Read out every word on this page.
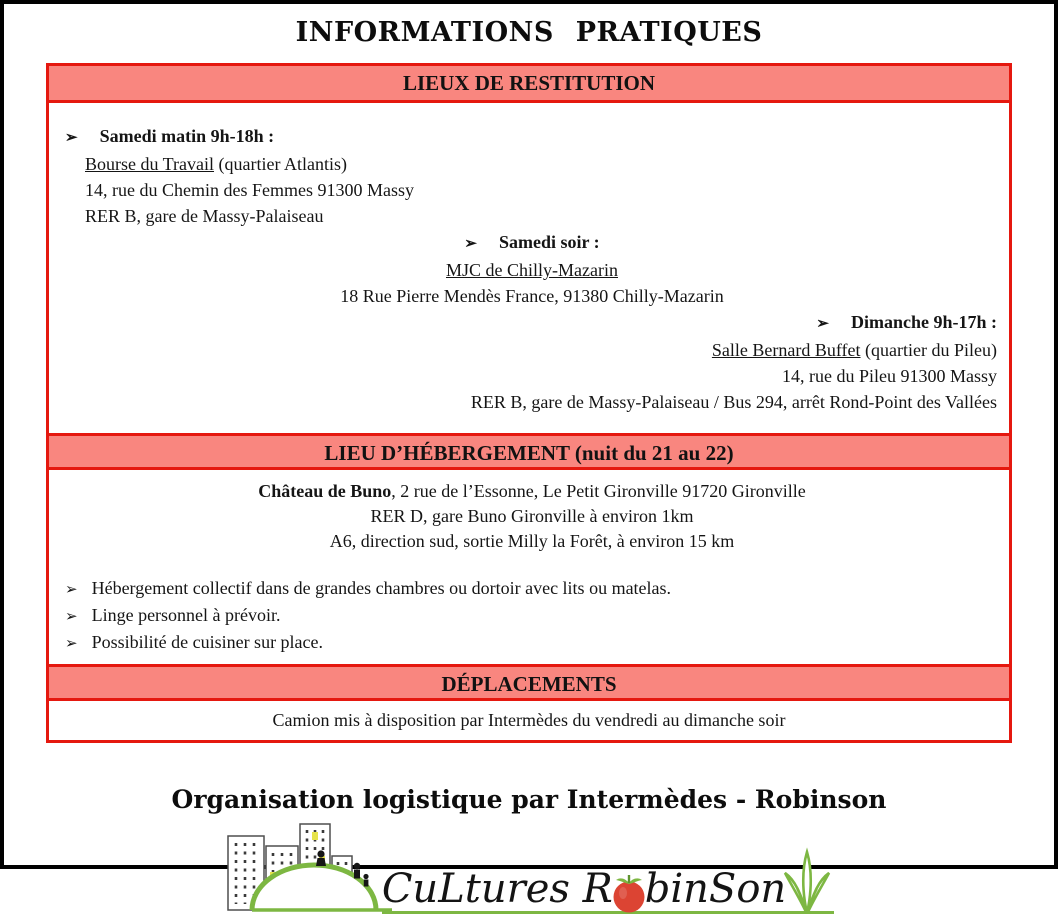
INFORMATIONS PRATIQUES
LIEUX DE RESTITUTION
➢ Samedi matin 9h-18h :
Bourse du Travail (quartier Atlantis)
14, rue du Chemin des Femmes 91300 Massy
RER B, gare de Massy-Palaiseau
➢ Samedi soir :
MJC de Chilly-Mazarin
18 Rue Pierre Mendès France, 91380 Chilly-Mazarin
➢ Dimanche 9h-17h :
Salle Bernard Buffet (quartier du Pileu)
14, rue du Pileu 91300 Massy
RER B, gare de Massy-Palaiseau / Bus 294, arrêt Rond-Point des Vallées
LIEU D’HÉBERGEMENT (nuit du 21 au 22)
Château de Buno, 2 rue de l’Essonne, Le Petit Gironville 91720 Gironville
RER D, gare Buno Gironville à environ 1km
A6, direction sud, sortie Milly la Forêt, à environ 15 km
➢ Hébergement collectif dans de grandes chambres ou dortoir avec lits ou matelas.
➢ Linge personnel à prévoir.
➢ Possibilité de cuisiner sur place.
DÉPLACEMENTS
Camion mis à disposition par Intermèdes du vendredi au dimanche soir
Organisation logistique par Intermèdes - Robinson
CuLtures R binSon
